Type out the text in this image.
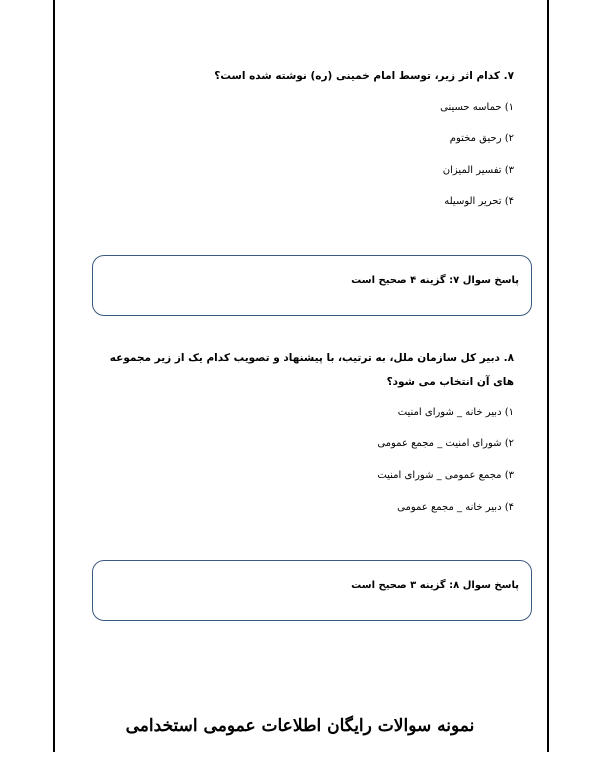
۷. کدام اثر زیر، توسط امام خمینی (ره) نوشته شده است؟
۱) حماسه حسینی
۲) رحیق مختوم
۳) تفسیر المیزان
۴) تحریر الوسیله
پاسخ سوال ۷: گزینه ۴ صحیح است
۸. دبیر کل سازمان ملل، به ترتیب، با پیشنهاد و تصویب کدام یک از زیر مجموعه های آن انتخاب می شود؟
۱) دبیر خانه _ شورای امنیت
۲) شورای امنیت _ مجمع عمومی
۳) مجمع عمومی _ شورای امنیت
۴) دبیر خانه _ مجمع عمومی
پاسخ سوال ۸: گزینه ۳ صحیح است
نمونه سوالات رایگان اطلاعات عمومی استخدامی
